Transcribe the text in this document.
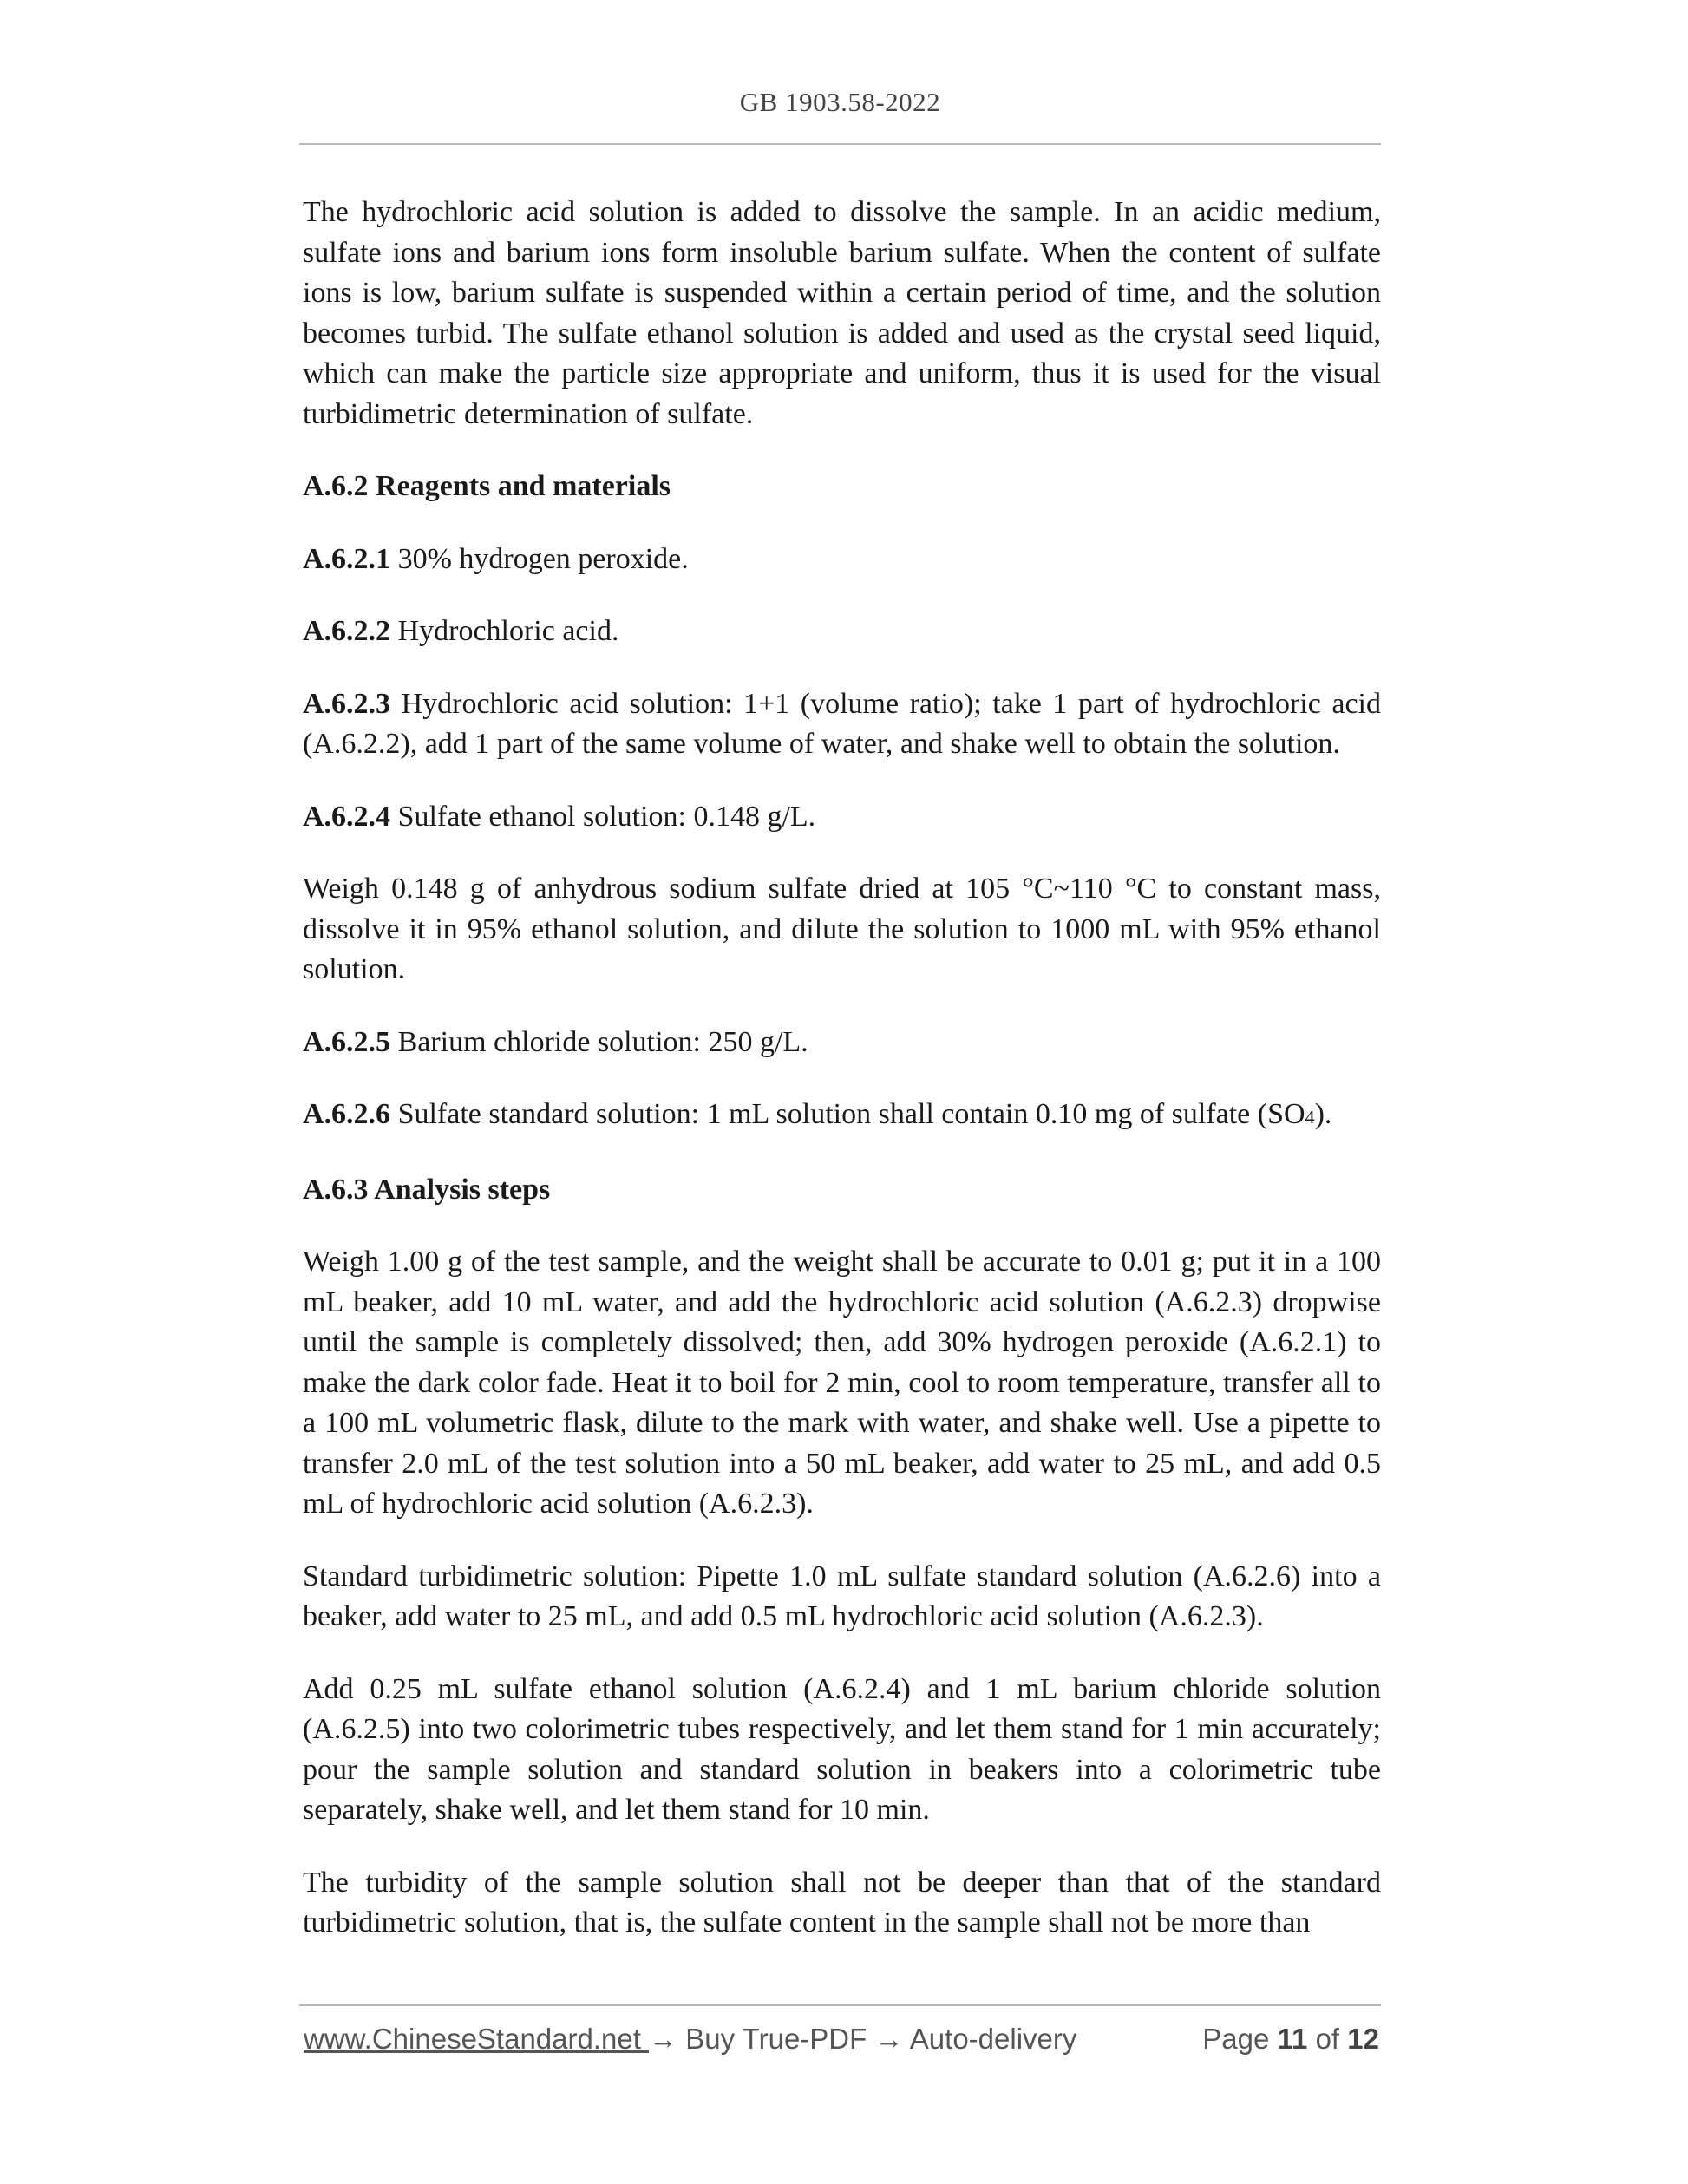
GB 1903.58-2022

The hydrochloric acid solution is added to dissolve the sample. In an acidic medium, sulfate ions and barium ions form insoluble barium sulfate. When the content of sulfate ions is low, barium sulfate is suspended within a certain period of time, and the solution becomes turbid. The sulfate ethanol solution is added and used as the crystal seed liquid, which can make the particle size appropriate and uniform, thus it is used for the visual turbidimetric determination of sulfate.

A.6.2 Reagents and materials

A.6.2.1 30% hydrogen peroxide.

A.6.2.2 Hydrochloric acid.

A.6.2.3 Hydrochloric acid solution: 1+1 (volume ratio); take 1 part of hydrochloric acid (A.6.2.2), add 1 part of the same volume of water, and shake well to obtain the solution.

A.6.2.4 Sulfate ethanol solution: 0.148 g/L.

Weigh 0.148 g of anhydrous sodium sulfate dried at 105 °C~110 °C to constant mass, dissolve it in 95% ethanol solution, and dilute the solution to 1000 mL with 95% ethanol solution.

A.6.2.5 Barium chloride solution: 250 g/L.

A.6.2.6 Sulfate standard solution: 1 mL solution shall contain 0.10 mg of sulfate (SO4).

A.6.3 Analysis steps

Weigh 1.00 g of the test sample, and the weight shall be accurate to 0.01 g; put it in a 100 mL beaker, add 10 mL water, and add the hydrochloric acid solution (A.6.2.3) dropwise until the sample is completely dissolved; then, add 30% hydrogen peroxide (A.6.2.1) to make the dark color fade. Heat it to boil for 2 min, cool to room temperature, transfer all to a 100 mL volumetric flask, dilute to the mark with water, and shake well. Use a pipette to transfer 2.0 mL of the test solution into a 50 mL beaker, add water to 25 mL, and add 0.5 mL of hydrochloric acid solution (A.6.2.3).

Standard turbidimetric solution: Pipette 1.0 mL sulfate standard solution (A.6.2.6) into a beaker, add water to 25 mL, and add 0.5 mL hydrochloric acid solution (A.6.2.3).

Add 0.25 mL sulfate ethanol solution (A.6.2.4) and 1 mL barium chloride solution (A.6.2.5) into two colorimetric tubes respectively, and let them stand for 1 min accurately; pour the sample solution and standard solution in beakers into a colorimetric tube separately, shake well, and let them stand for 10 min.

The turbidity of the sample solution shall not be deeper than that of the standard turbidimetric solution, that is, the sulfate content in the sample shall not be more than

www.ChineseStandard.net → Buy True-PDF → Auto-delivery	Page 11 of 12
